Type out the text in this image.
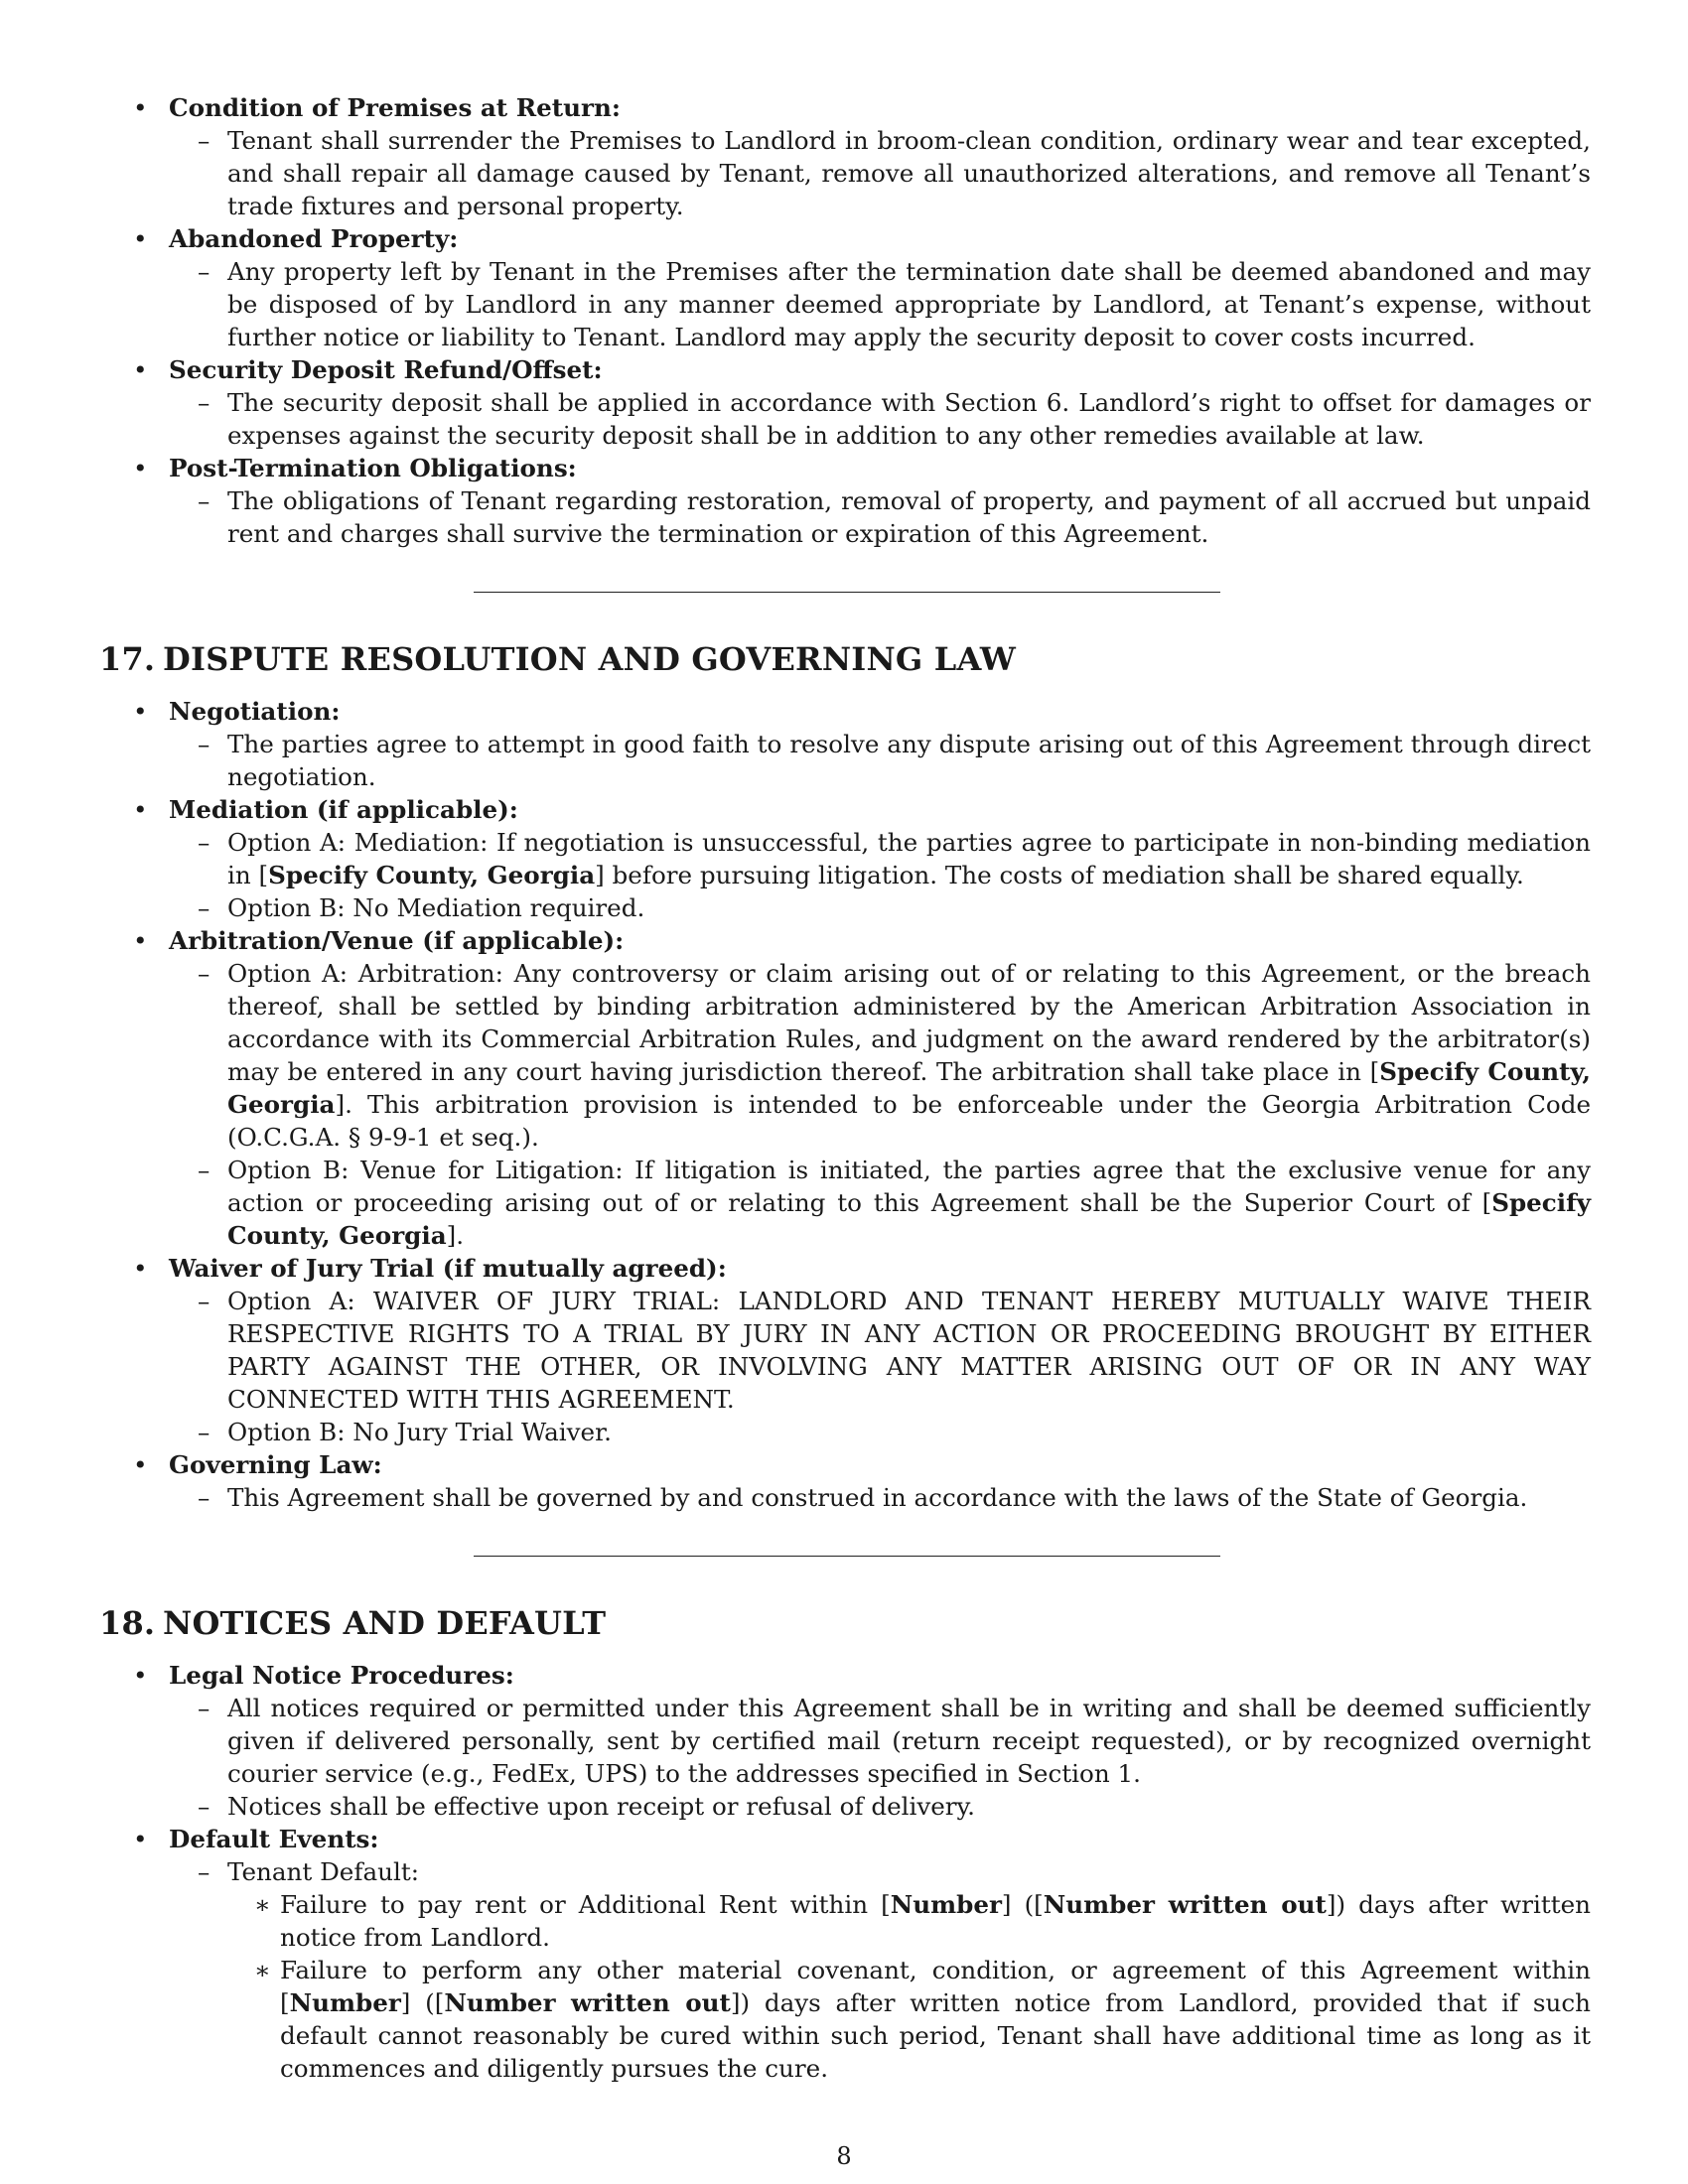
• Condition of Premises at Return:
– Tenant shall surrender the Premises to Landlord in broom-clean condition, ordinary wear and tear excepted, and shall repair all damage caused by Tenant, remove all unauthorized alterations, and remove all Tenant’s trade fixtures and personal property.
• Abandoned Property:
– Any property left by Tenant in the Premises after the termination date shall be deemed abandoned and may be disposed of by Landlord in any manner deemed appropriate by Landlord, at Tenant’s expense, without further notice or liability to Tenant. Landlord may apply the security deposit to cover costs incurred.
• Security Deposit Refund/Offset:
– The security deposit shall be applied in accordance with Section 6. Landlord’s right to offset for damages or expenses against the security deposit shall be in addition to any other remedies available at law.
• Post-Termination Obligations:
– The obligations of Tenant regarding restoration, removal of property, and payment of all accrued but unpaid rent and charges shall survive the termination or expiration of this Agreement.
17. DISPUTE RESOLUTION AND GOVERNING LAW
• Negotiation:
– The parties agree to attempt in good faith to resolve any dispute arising out of this Agreement through direct negotiation.
• Mediation (if applicable):
– Option A: Mediation: If negotiation is unsuccessful, the parties agree to participate in non-binding mediation in [Specify County, Georgia] before pursuing litigation. The costs of mediation shall be shared equally.
– Option B: No Mediation required.
• Arbitration/Venue (if applicable):
– Option A: Arbitration: Any controversy or claim arising out of or relating to this Agreement, or the breach thereof, shall be settled by binding arbitration administered by the American Arbitration Association in accordance with its Commercial Arbitration Rules, and judgment on the award rendered by the arbitrator(s) may be entered in any court having jurisdiction thereof. The arbitration shall take place in [Specify County, Georgia]. This arbitration provision is intended to be enforceable under the Georgia Arbitration Code (O.C.G.A. § 9-9-1 et seq.).
– Option B: Venue for Litigation: If litigation is initiated, the parties agree that the exclusive venue for any action or proceeding arising out of or relating to this Agreement shall be the Superior Court of [Specify County, Georgia].
• Waiver of Jury Trial (if mutually agreed):
– Option A: WAIVER OF JURY TRIAL: LANDLORD AND TENANT HEREBY MUTUALLY WAIVE THEIR RESPECTIVE RIGHTS TO A TRIAL BY JURY IN ANY ACTION OR PROCEEDING BROUGHT BY EITHER PARTY AGAINST THE OTHER, OR INVOLVING ANY MATTER ARISING OUT OF OR IN ANY WAY CONNECTED WITH THIS AGREEMENT.
– Option B: No Jury Trial Waiver.
• Governing Law:
– This Agreement shall be governed by and construed in accordance with the laws of the State of Georgia.
18. NOTICES AND DEFAULT
• Legal Notice Procedures:
– All notices required or permitted under this Agreement shall be in writing and shall be deemed sufficiently given if delivered personally, sent by certified mail (return receipt requested), or by recognized overnight courier service (e.g., FedEx, UPS) to the addresses specified in Section 1.
– Notices shall be effective upon receipt or refusal of delivery.
• Default Events:
– Tenant Default:
∗ Failure to pay rent or Additional Rent within [Number] ([Number written out]) days after written notice from Landlord.
∗ Failure to perform any other material covenant, condition, or agreement of this Agreement within [Number] ([Number written out]) days after written notice from Landlord, provided that if such default cannot reasonably be cured within such period, Tenant shall have additional time as long as it commences and diligently pursues the cure.
8
